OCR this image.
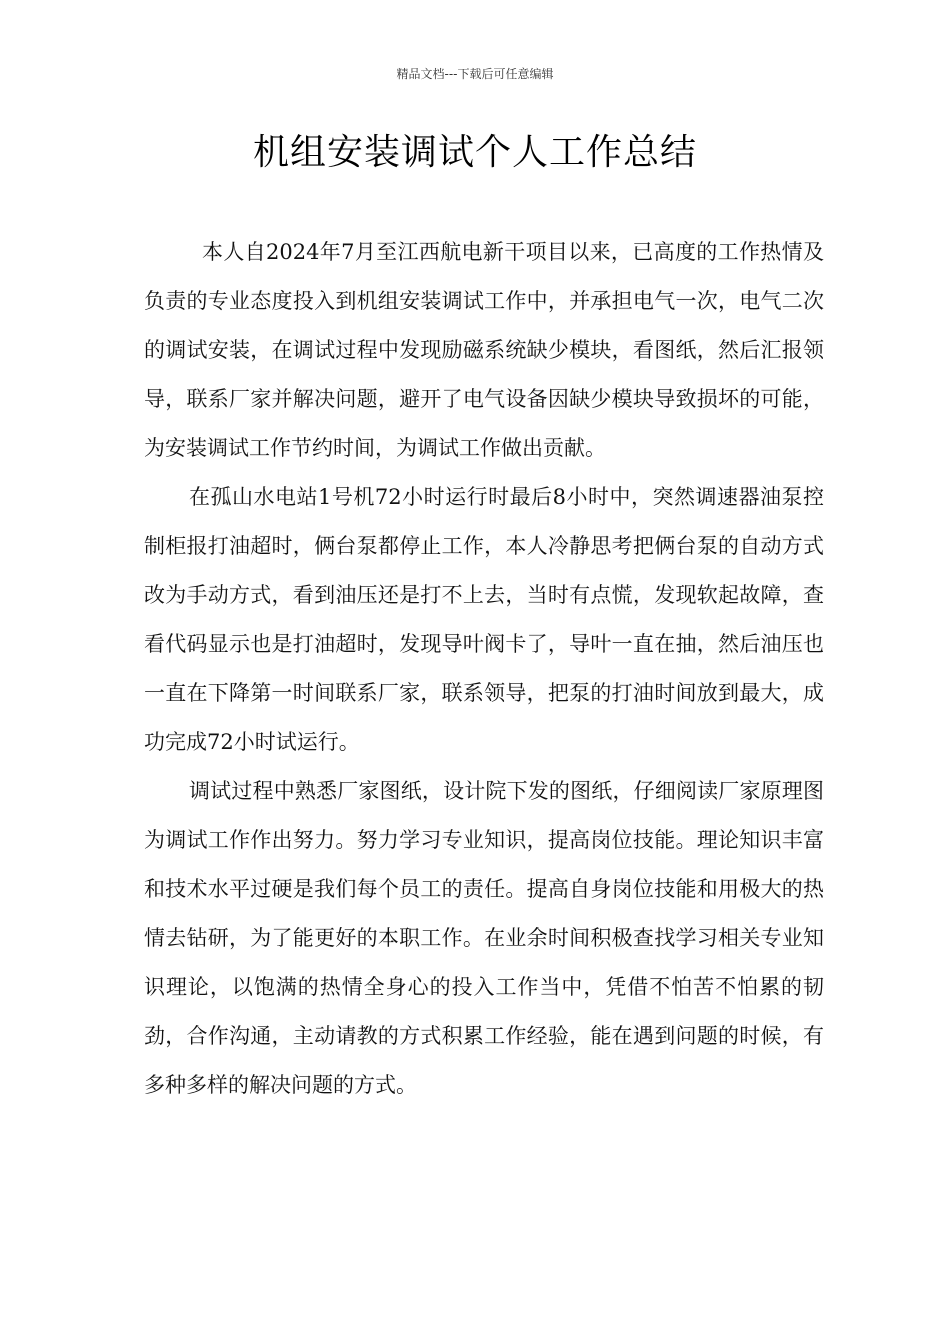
精品文档---下载后可任意编辑
机组安装调试个人工作总结

本人自2024年7月至江西航电新干项目以来，已高度的工作热情及负责的专业态度投入到机组安装调试工作中，并承担电气一次，电气二次的调试安装，在调试过程中发现励磁系统缺少模块，看图纸，然后汇报领导，联系厂家并解决问题，避开了电气设备因缺少模块导致损坏的可能，为安装调试工作节约时间，为调试工作做出贡献。

在孤山水电站1号机72小时运行时最后8小时中，突然调速器油泵控制柜报打油超时，俩台泵都停止工作，本人冷静思考把俩台泵的自动方式改为手动方式，看到油压还是打不上去，当时有点慌，发现软起故障，查看代码显示也是打油超时，发现导叶阀卡了，导叶一直在抽，然后油压也一直在下降第一时间联系厂家，联系领导，把泵的打油时间放到最大，成功完成72小时试运行。

调试过程中熟悉厂家图纸，设计院下发的图纸，仔细阅读厂家原理图为调试工作作出努力。努力学习专业知识，提高岗位技能。理论知识丰富和技术水平过硬是我们每个员工的责任。提高自身岗位技能和用极大的热情去钻研，为了能更好的本职工作。在业余时间积极查找学习相关专业知识理论，以饱满的热情全身心的投入工作当中，凭借不怕苦不怕累的韧劲，合作沟通，主动请教的方式积累工作经验，能在遇到问题的时候，有多种多样的解决问题的方式。
